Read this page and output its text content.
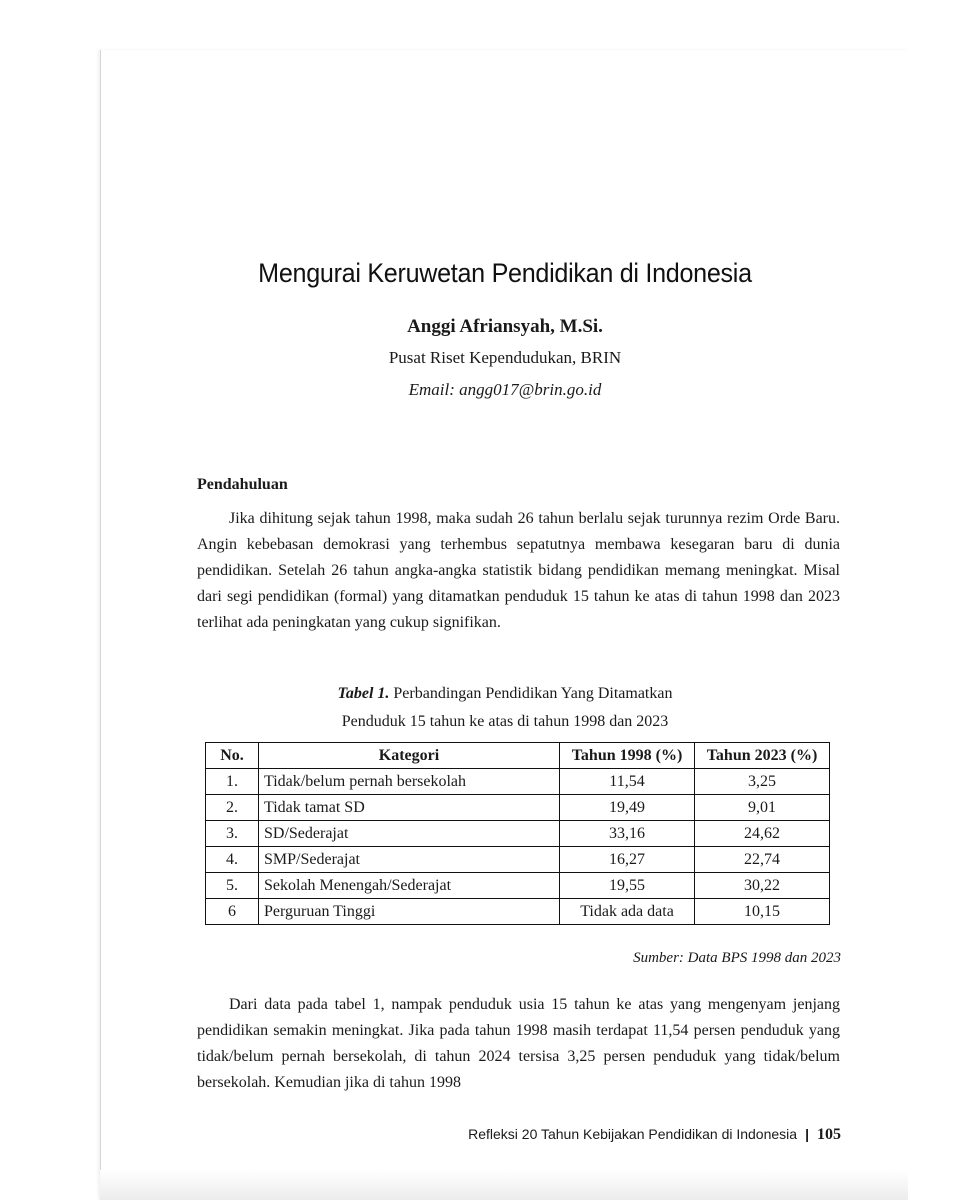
Mengurai Keruwetan Pendidikan di Indonesia
Anggi Afriansyah, M.Si.
Pusat Riset Kependudukan, BRIN
Email: angg017@brin.go.id
Pendahuluan

Jika dihitung sejak tahun 1998, maka sudah 26 tahun berlalu sejak turunnya rezim Orde Baru. Angin kebebasan demokrasi yang terhembus sepatutnya membawa kesegaran baru di dunia pendidikan. Setelah 26 tahun angka-angka statistik bidang pendidikan memang meningkat. Misal dari segi pendidikan (formal) yang ditamatkan penduduk 15 tahun ke atas di tahun 1998 dan 2023 terlihat ada peningkatan yang cukup signifikan.

Tabel 1. Perbandingan Pendidikan Yang Ditamatkan
Penduduk 15 tahun ke atas di tahun 1998 dan 2023
No.	Kategori	Tahun 1998 (%)	Tahun 2023 (%)
1.	Tidak/belum pernah bersekolah	11,54	3,25
2.	Tidak tamat SD	19,49	9,01
3.	SD/Sederajat	33,16	24,62
4.	SMP/Sederajat	16,27	22,74
5.	Sekolah Menengah/Sederajat	19,55	30,22
6	Perguruan Tinggi	Tidak ada data	10,15
Sumber: Data BPS 1998 dan 2023

Dari data pada tabel 1, nampak penduduk usia 15 tahun ke atas yang mengenyam jenjang pendidikan semakin meningkat. Jika pada tahun 1998 masih terdapat 11,54 persen penduduk yang tidak/belum pernah bersekolah, di tahun 2024 tersisa 3,25 persen penduduk yang tidak/belum bersekolah. Kemudian jika di tahun 1998

Refleksi 20 Tahun Kebijakan Pendidikan di Indonesia | 105
